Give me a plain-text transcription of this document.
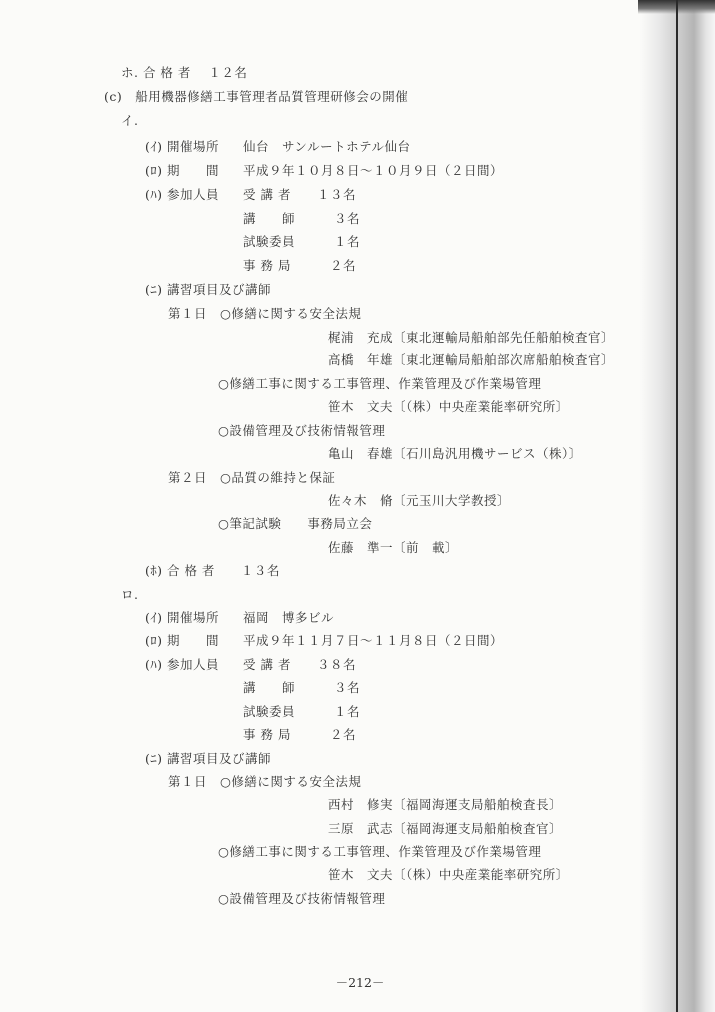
ホ. 合 格 者　 １２名
(c)　船用機器修繕工事管理者品質管理研修会の開催
イ.
(ｲ) 開催場所 仙台　サンルートホテル仙台
(ﾛ) 期　　間 平成９年１０月８日～１０月９日（２日間）
(ﾊ) 参加人員 受 講 者　　１３名
講　　師　　　３名
試験委員　　　１名
事 務 局　　　２名
(ﾆ) 講習項目及び講師
第１日　○修繕に関する安全法規
梶浦　充成〔東北運輸局船舶部先任船舶検査官〕
高橋　年雄〔東北運輸局船舶部次席船舶検査官〕
○修繕工事に関する工事管理、作業管理及び作業場管理
笹木　文夫〔（株）中央産業能率研究所〕
○設備管理及び技術情報管理
亀山　春雄〔石川島汎用機サービス（株）〕
第２日　○品質の維持と保証
佐々木　脩〔元玉川大学教授〕
○筆記試験　　事務局立会
佐藤　準一〔前　載〕
(ﾎ) 合 格 者　　１３名
ロ.
(ｲ) 開催場所 福岡　博多ビル
(ﾛ) 期　　間 平成９年１１月７日～１１月８日（２日間）
(ﾊ) 参加人員 受 講 者　　３８名
講　　師　　　３名
試験委員　　　１名
事 務 局　　　２名
(ﾆ) 講習項目及び講師
第１日　○修繕に関する安全法規
西村　修実〔福岡海運支局船舶検査長〕
三原　武志〔福岡海運支局船舶検査官〕
○修繕工事に関する工事管理、作業管理及び作業場管理
笹木　文夫〔（株）中央産業能率研究所〕
○設備管理及び技術情報管理
－212－
